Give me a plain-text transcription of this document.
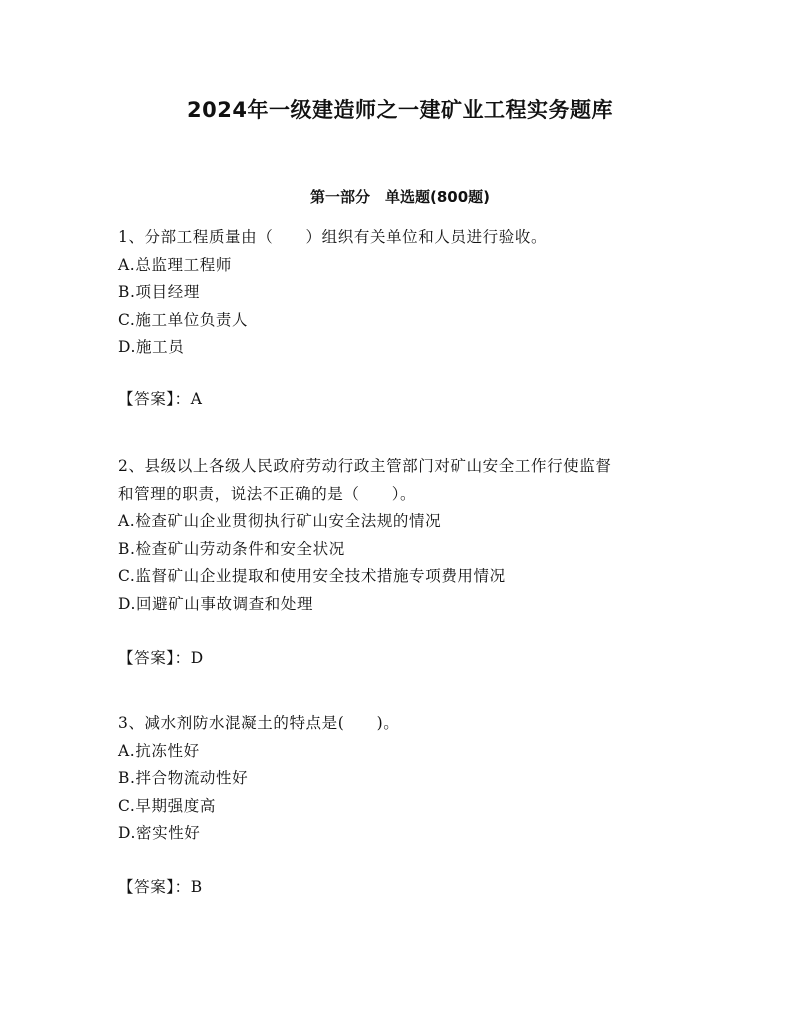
2024年一级建造师之一建矿业工程实务题库
第一部分　单选题(800题)
1、分部工程质量由（　　）组织有关单位和人员进行验收。
A.总监理工程师
B.项目经理
C.施工单位负责人
D.施工员
【答案】：A
2、县级以上各级人民政府劳动行政主管部门对矿山安全工作行使监督
和管理的职责，说法不正确的是（　　）。
A.检查矿山企业贯彻执行矿山安全法规的情况
B.检查矿山劳动条件和安全状况
C.监督矿山企业提取和使用安全技术措施专项费用情况
D.回避矿山事故调查和处理
【答案】：D
3、减水剂防水混凝土的特点是(　　)。
A.抗冻性好
B.拌合物流动性好
C.早期强度高
D.密实性好
【答案】：B
